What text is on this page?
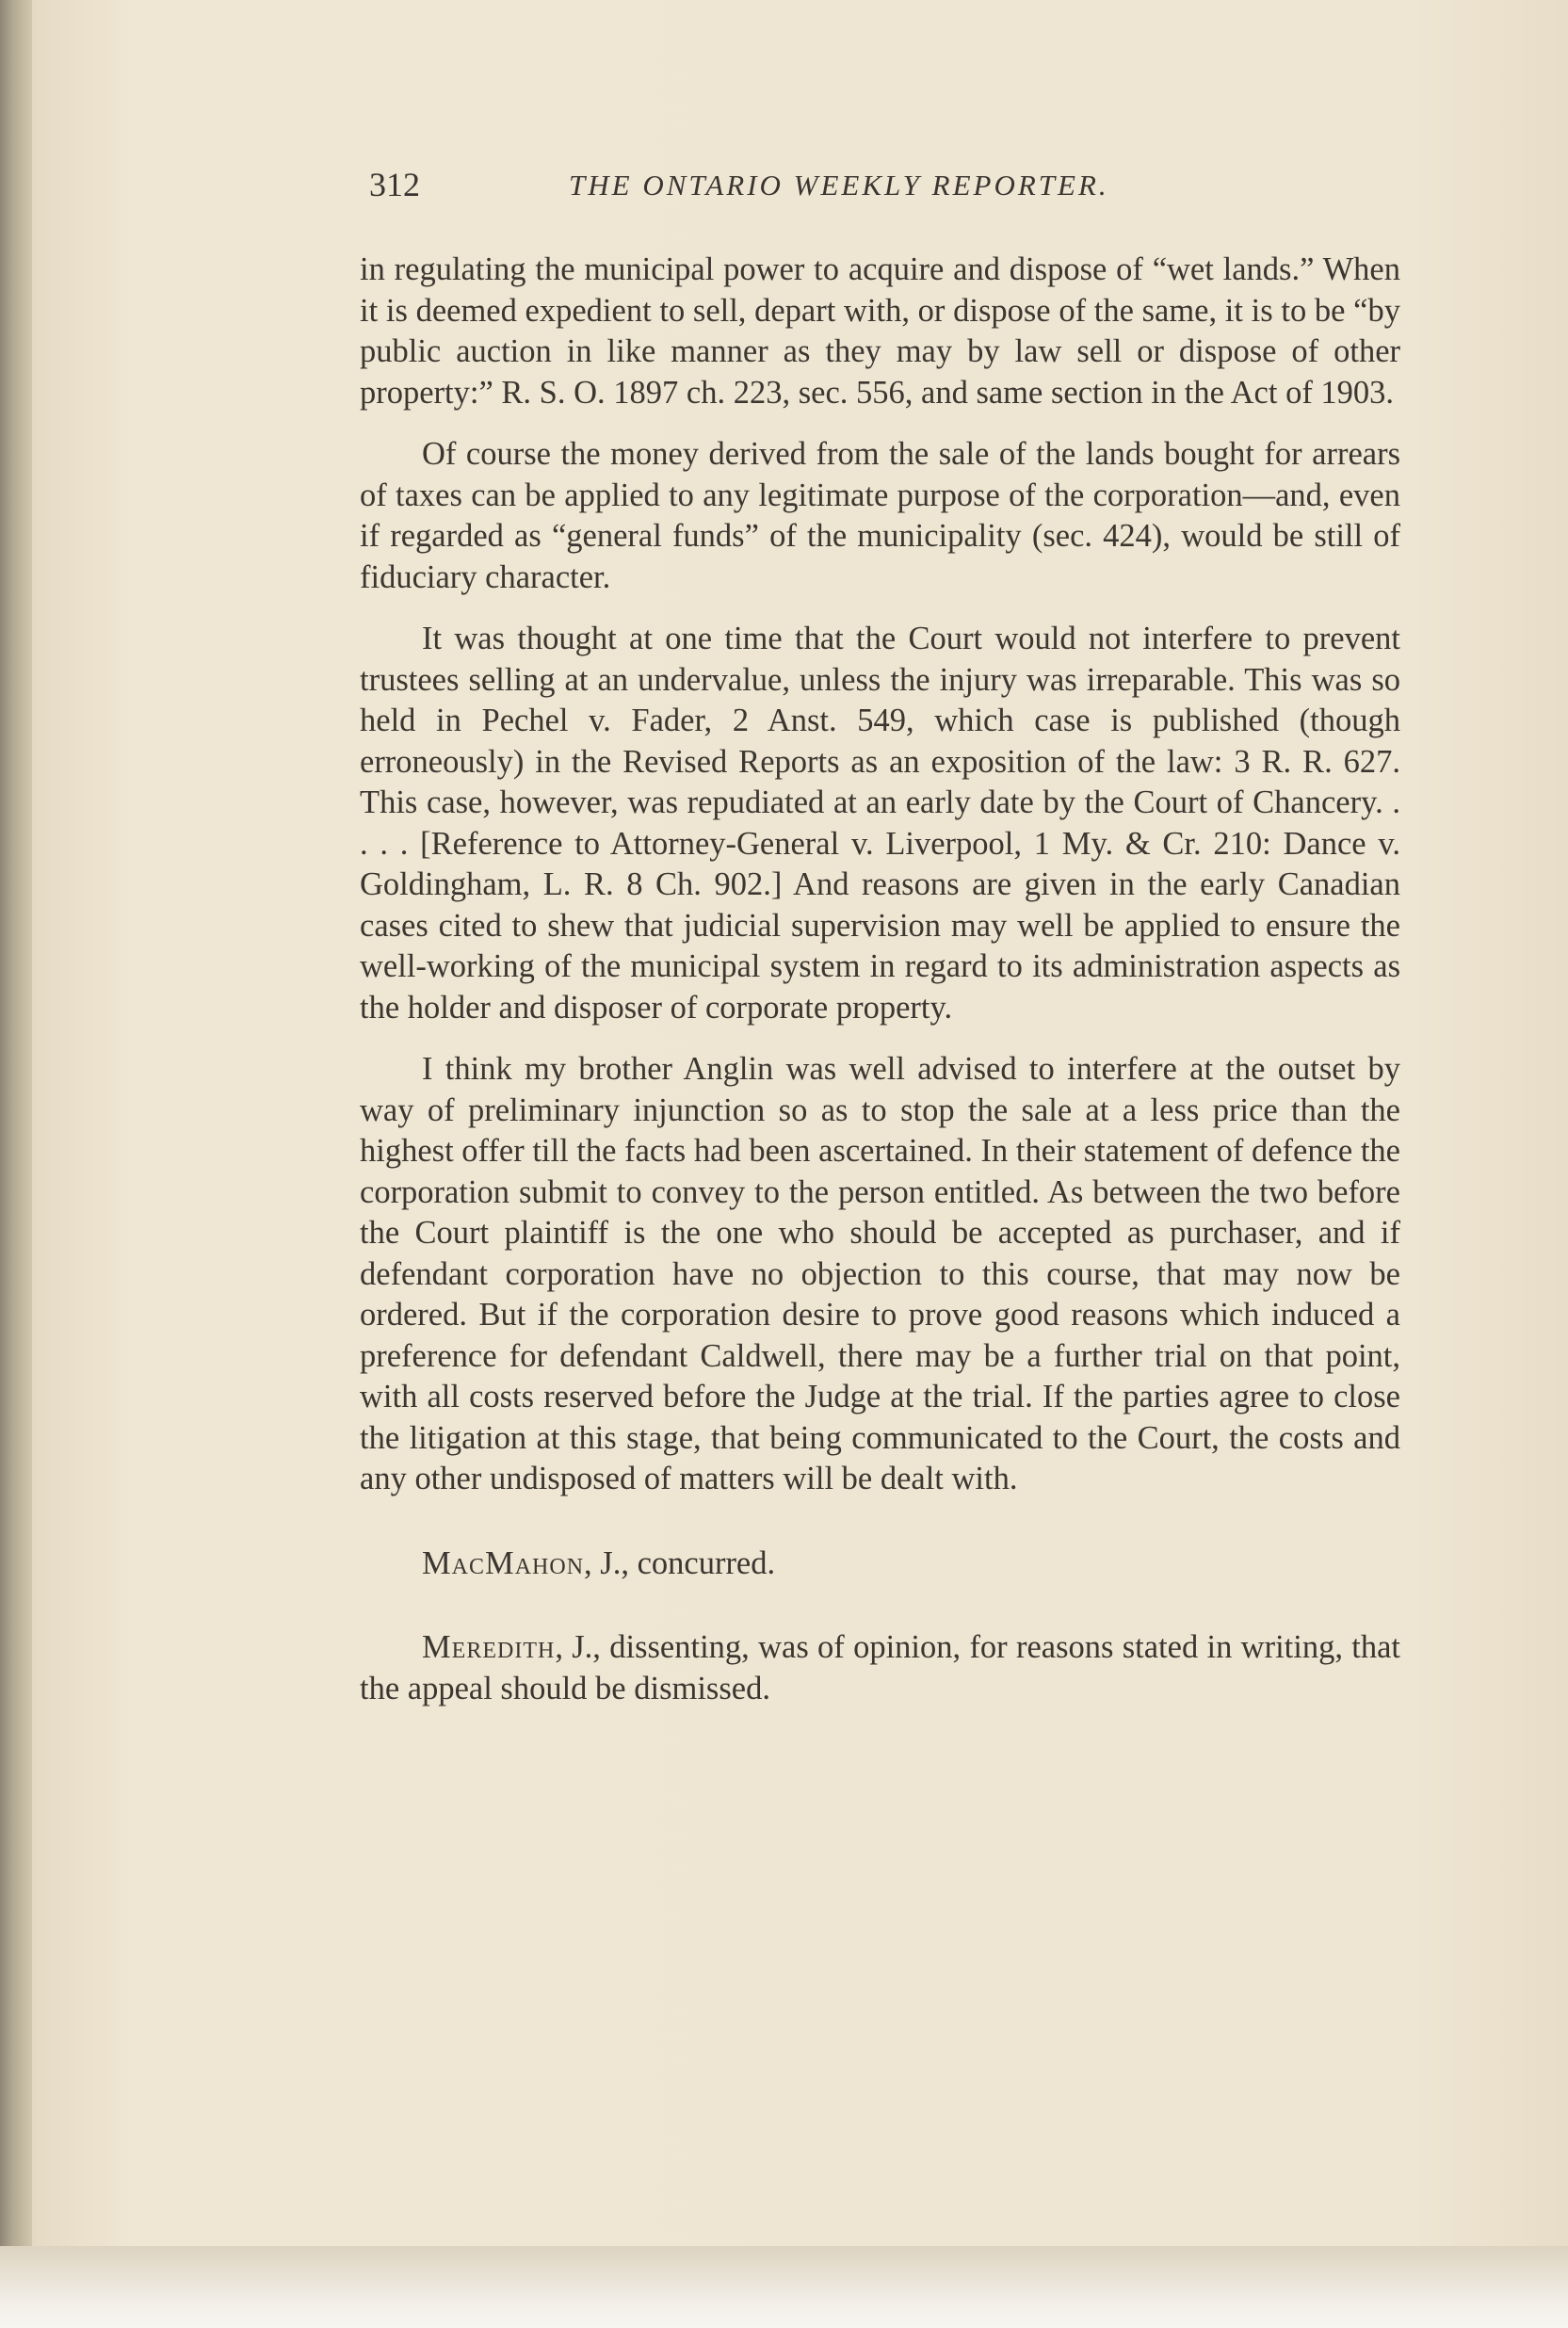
312	THE ONTARIO WEEKLY REPORTER.

in regulating the municipal power to acquire and dispose of “wet lands.” When it is deemed expedient to sell, depart with, or dispose of the same, it is to be “by public auction in like manner as they may by law sell or dispose of other property:” R. S. O. 1897 ch. 223, sec. 556, and same section in the Act of 1903.

Of course the money derived from the sale of the lands bought for arrears of taxes can be applied to any legitimate purpose of the corporation—and, even if regarded as “general funds” of the municipality (sec. 424), would be still of fiduciary character.

It was thought at one time that the Court would not interfere to prevent trustees selling at an undervalue, unless the injury was irreparable. This was so held in Pechel v. Fader, 2 Anst. 549, which case is published (though erroneously) in the Revised Reports as an exposition of the law: 3 R. R. 627. This case, however, was repudiated at an early date by the Court of Chancery. . . . . [Reference to Attorney-General v. Liverpool, 1 My. & Cr. 210: Dance v. Goldingham, L. R. 8 Ch. 902.] And reasons are given in the early Canadian cases cited to shew that judicial supervision may well be applied to ensure the well-working of the municipal system in regard to its administration aspects as the holder and disposer of corporate property.

I think my brother Anglin was well advised to interfere at the outset by way of preliminary injunction so as to stop the sale at a less price than the highest offer till the facts had been ascertained. In their statement of defence the corporation submit to convey to the person entitled. As between the two before the Court plaintiff is the one who should be accepted as purchaser, and if defendant corporation have no objection to this course, that may now be ordered. But if the corporation desire to prove good reasons which induced a preference for defendant Caldwell, there may be a further trial on that point, with all costs reserved before the Judge at the trial. If the parties agree to close the litigation at this stage, that being communicated to the Court, the costs and any other undisposed of matters will be dealt with.

MacMahon, J., concurred.

Meredith, J., dissenting, was of opinion, for reasons stated in writing, that the appeal should be dismissed.
